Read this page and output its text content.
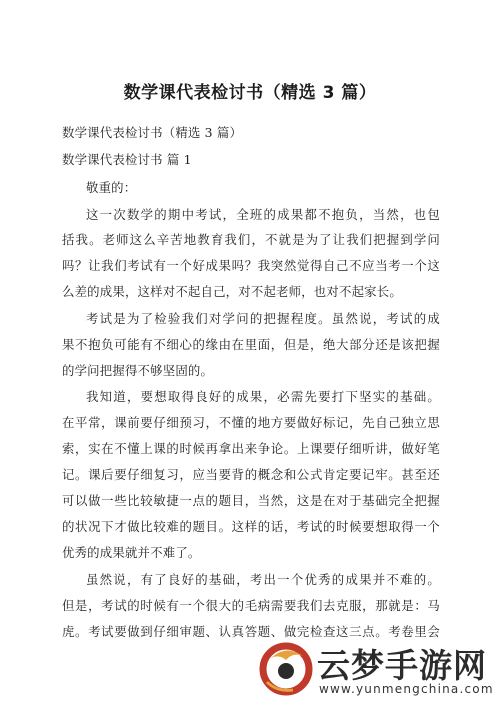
数学课代表检讨书（精选 3 篇）
数学课代表检讨书（精选 3 篇）
数学课代表检讨书 篇 1
敬重的：
这一次数学的期中考试，全班的成果都不抱负，当然，也包
括我。老师这么辛苦地教育我们，不就是为了让我们把握到学问
吗？让我们考试有一个好成果吗？我突然觉得自己不应当考一个这
么差的成果，这样对不起自己，对不起老师，也对不起家长。
考试是为了检验我们对学问的把握程度。虽然说，考试的成
果不抱负可能有不细心的缘由在里面，但是，绝大部分还是该把握
的学问把握得不够坚固的。
我知道，要想取得良好的成果，必需先要打下坚实的基础。
在平常，课前要仔细预习，不懂的地方要做好标记，先自己独立思
索，实在不懂上课的时候再拿出来争论。上课要仔细听讲，做好笔
记。课后要仔细复习，应当要背的概念和公式肯定要记牢。甚至还
可以做一些比较敏捷一点的题目，当然，这是在对于基础完全把握
的状况下才做比较难的题目。这样的话，考试的时候要想取得一个
优秀的成果就并不难了。
虽然说，有了良好的基础，考出一个优秀的成果并不难的。
但是，考试的时候有一个很大的毛病需要我们去克服，那就是：马
虎。考试要做到仔细审题、认真答题、做完检查这三点。考卷里会
云梦手游网
www.yunmengchina.com
